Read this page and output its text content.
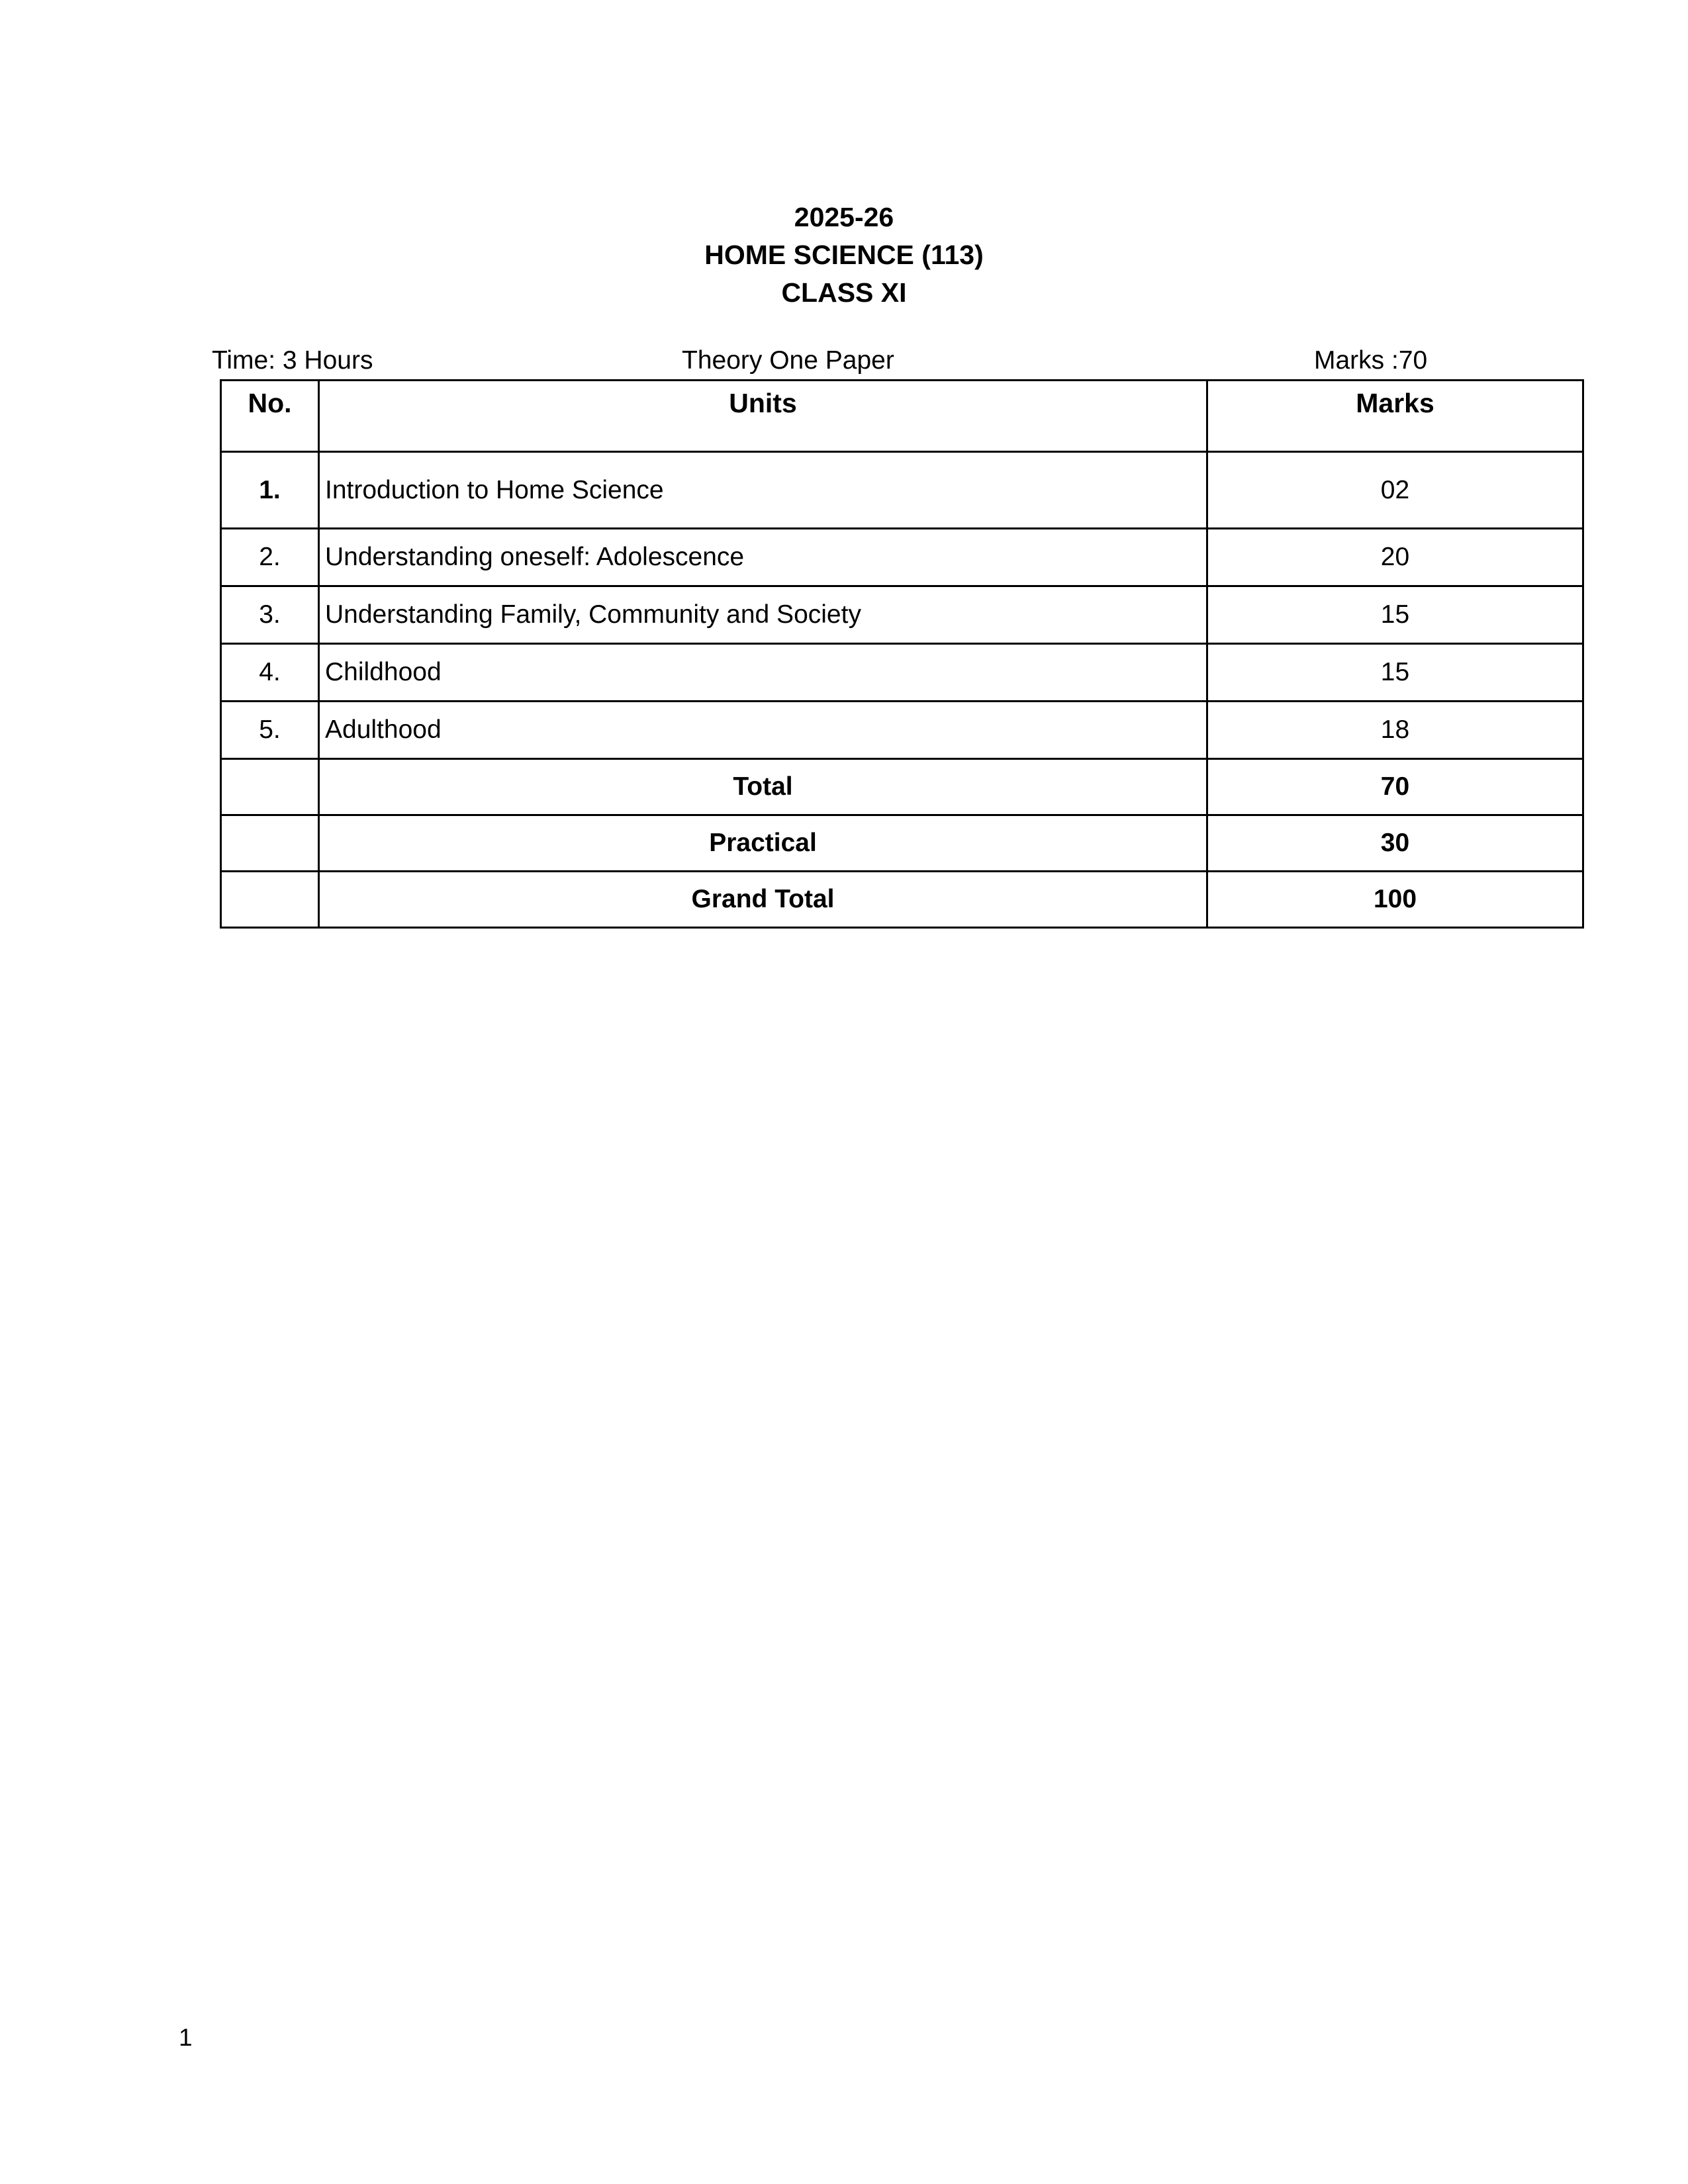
2025-26
HOME SCIENCE (113)
CLASS XI
Time: 3 Hours	Theory One Paper	Marks :70
No.	Units	Marks
1.	Introduction to Home Science	02
2.	Understanding oneself: Adolescence	20
3.	Understanding Family, Community and Society	15
4.	Childhood	15
5.	Adulthood	18
	Total	70
	Practical	30
	Grand Total	100
1
